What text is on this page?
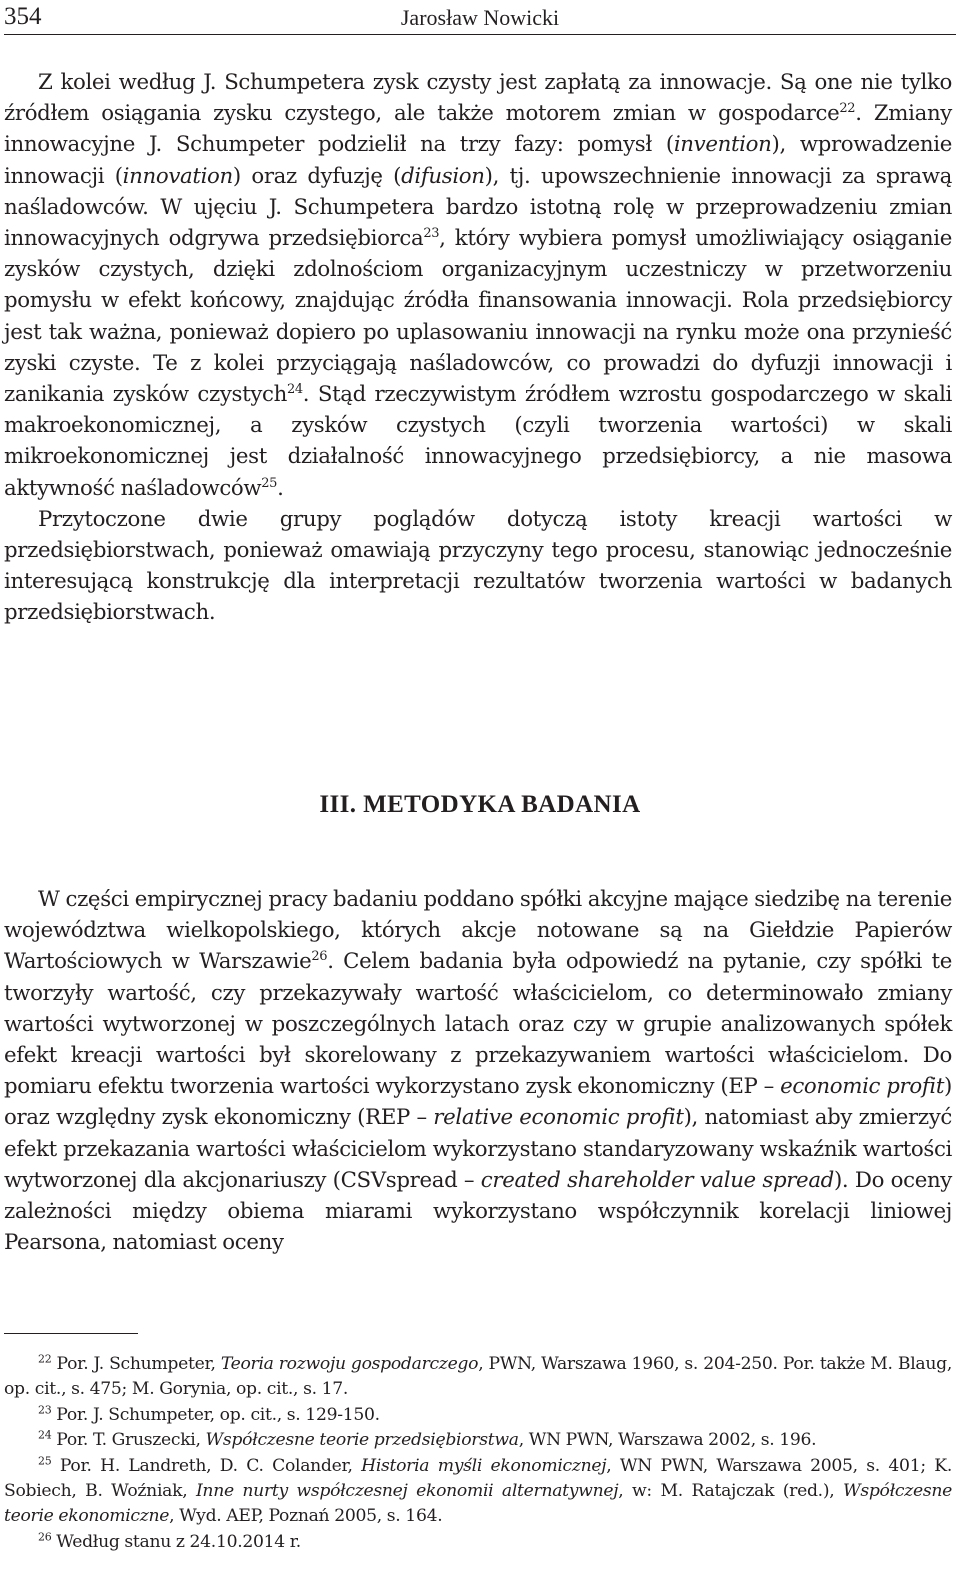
354	Jarosław Nowicki

Z kolei według J. Schumpetera zysk czysty jest zapłatą za innowacje. Są one nie tylko źródłem osiągania zysku czystego, ale także motorem zmian w gospodarce$^{22}$. Zmiany innowacyjne J. Schumpeter podzielił na trzy fazy: pomysł (invention), wprowadzenie innowacji (innovation) oraz dyfuzję (difusion), tj. upowszechnienie innowacji za sprawą naśladowców. W ujęciu J. Schumpetera bardzo istotną rolę w przeprowadzeniu zmian innowacyjnych odgrywa przedsiębiorca$^{23}$, który wybiera pomysł umożliwiający osiąganie zysków czystych, dzięki zdolnościom organizacyjnym uczestniczy w przetworzeniu pomysłu w efekt końcowy, znajdując źródła finansowania innowacji. Rola przedsiębiorcy jest tak ważna, ponieważ dopiero po uplasowaniu innowacji na rynku może ona przynieść zyski czyste. Te z kolei przyciągają naśladowców, co prowadzi do dyfuzji innowacji i zanikania zysków czystych$^{24}$. Stąd rzeczywistym źródłem wzrostu gospodarczego w skali makroekonomicznej, a zysków czystych (czyli tworzenia wartości) w skali mikroekonomicznej jest działalność innowacyjnego przedsiębiorcy, a nie masowa aktywność naśladowców$^{25}$.

Przytoczone dwie grupy poglądów dotyczą istoty kreacji wartości w przedsiębiorstwach, ponieważ omawiają przyczyny tego procesu, stanowiąc jednocześnie interesującą konstrukcję dla interpretacji rezultatów tworzenia wartości w badanych przedsiębiorstwach.

III. METODYKA BADANIA

W części empirycznej pracy badaniu poddano spółki akcyjne mające siedzibę na terenie województwa wielkopolskiego, których akcje notowane są na Giełdzie Papierów Wartościowych w Warszawie$^{26}$. Celem badania była odpowiedź na pytanie, czy spółki te tworzyły wartość, czy przekazywały wartość właścicielom, co determinowało zmiany wartości wytworzonej w poszczególnych latach oraz czy w grupie analizowanych spółek efekt kreacji wartości był skorelowany z przekazywaniem wartości właścicielom. Do pomiaru efektu tworzenia wartości wykorzystano zysk ekonomiczny (EP – economic profit) oraz względny zysk ekonomiczny (REP – relative economic profit), natomiast aby zmierzyć efekt przekazania wartości właścicielom wykorzystano standaryzowany wskaźnik wartości wytworzonej dla akcjonariuszy (CSVspread – created shareholder value spread). Do oceny zależności między obiema miarami wykorzystano współczynnik korelacji liniowej Pearsona, natomiast oceny

$^{22}$ Por. J. Schumpeter, Teoria rozwoju gospodarczego, PWN, Warszawa 1960, s. 204-250. Por. także M. Blaug, op. cit., s. 475; M. Gorynia, op. cit., s. 17.

$^{23}$ Por. J. Schumpeter, op. cit., s. 129-150.

$^{24}$ Por. T. Gruszecki, Współczesne teorie przedsiębiorstwa, WN PWN, Warszawa 2002, s. 196.

$^{25}$ Por. H. Landreth, D. C. Colander, Historia myśli ekonomicznej, WN PWN, Warszawa 2005, s. 401; K. Sobiech, B. Woźniak, Inne nurty współczesnej ekonomii alternatywnej, w: M. Ratajczak (red.), Współczesne teorie ekonomiczne, Wyd. AEP, Poznań 2005, s. 164.

$^{26}$ Według stanu z 24.10.2014 r.
